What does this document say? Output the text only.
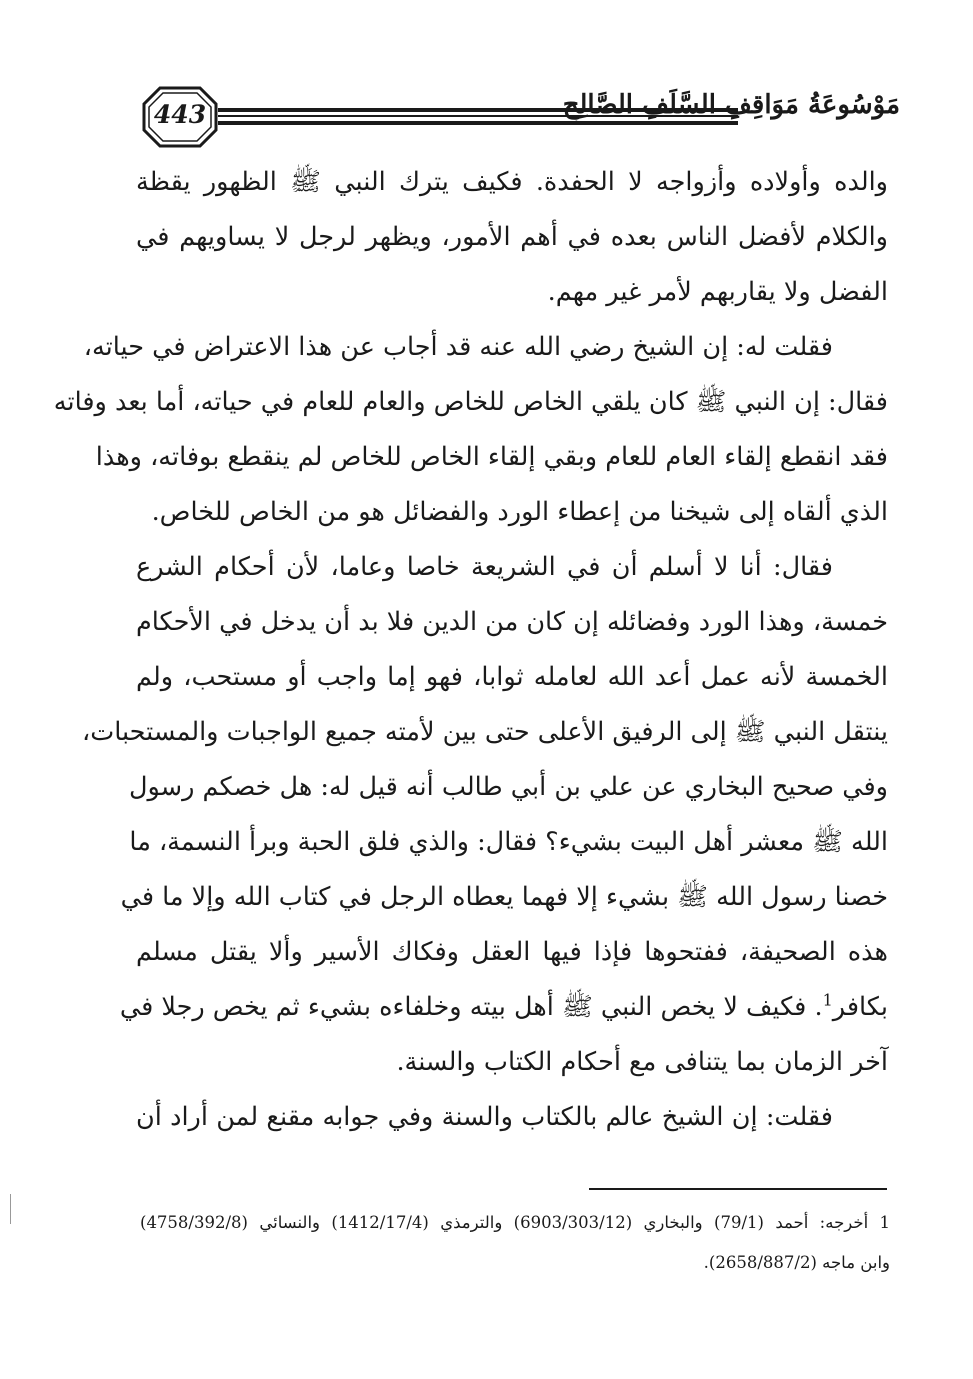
443	مَوْسُوعَةُ مَوَاقِفِ السَّلَفِ الصَّالِحِ
والده وأولاده وأزواجه لا الحفدة. فكيف يترك النبي ﷺ الظهور يقظة
والكلام لأفضل الناس بعده في أهم الأمور، ويظهر لرجل لا يساويهم في
الفضل ولا يقاربهم لأمر غير مهم.
فقلت له: إن الشيخ رضي الله عنه قد أجاب عن هذا الاعتراض في حياته،
فقال: إن النبي ﷺ كان يلقي الخاص للخاص والعام للعام في حياته، أما بعد وفاته
فقد انقطع إلقاء العام للعام وبقي إلقاء الخاص للخاص لم ينقطع بوفاته، وهذا
الذي ألقاه إلى شيخنا من إعطاء الورد والفضائل هو من الخاص للخاص.
فقال: أنا لا أسلم أن في الشريعة خاصا وعاما، لأن أحكام الشرع
خمسة، وهذا الورد وفضائله إن كان من الدين فلا بد أن يدخل في الأحكام
الخمسة لأنه عمل أعد الله لعامله ثوابا، فهو إما واجب أو مستحب، ولم
ينتقل النبي ﷺ إلى الرفيق الأعلى حتى بين لأمته جميع الواجبات والمستحبات،
وفي صحيح البخاري عن علي بن أبي طالب أنه قيل له: هل خصكم رسول
الله ﷺ معشر أهل البيت بشيء؟ فقال: والذي فلق الحبة وبرأ النسمة، ما
خصنا رسول الله ﷺ بشيء إلا فهما يعطاه الرجل في كتاب الله وإلا ما في
هذه الصحيفة، ففتحوها فإذا فيها العقل وفكاك الأسير وألا يقتل مسلم
بكافر$^1$. فكيف لا يخص النبي ﷺ أهل بيته وخلفاءه بشيء ثم يخص رجلا في
آخر الزمان بما يتنافى مع أحكام الكتاب والسنة.
فقلت: إن الشيخ عالم بالكتاب والسنة وفي جوابه مقنع لمن أراد أن
1 أخرجه: أحمد (79/1) والبخاري (6903/303/12) والترمذي (1412/17/4) والنسائي (4758/392/8)
وابن ماجه (2658/887/2).
